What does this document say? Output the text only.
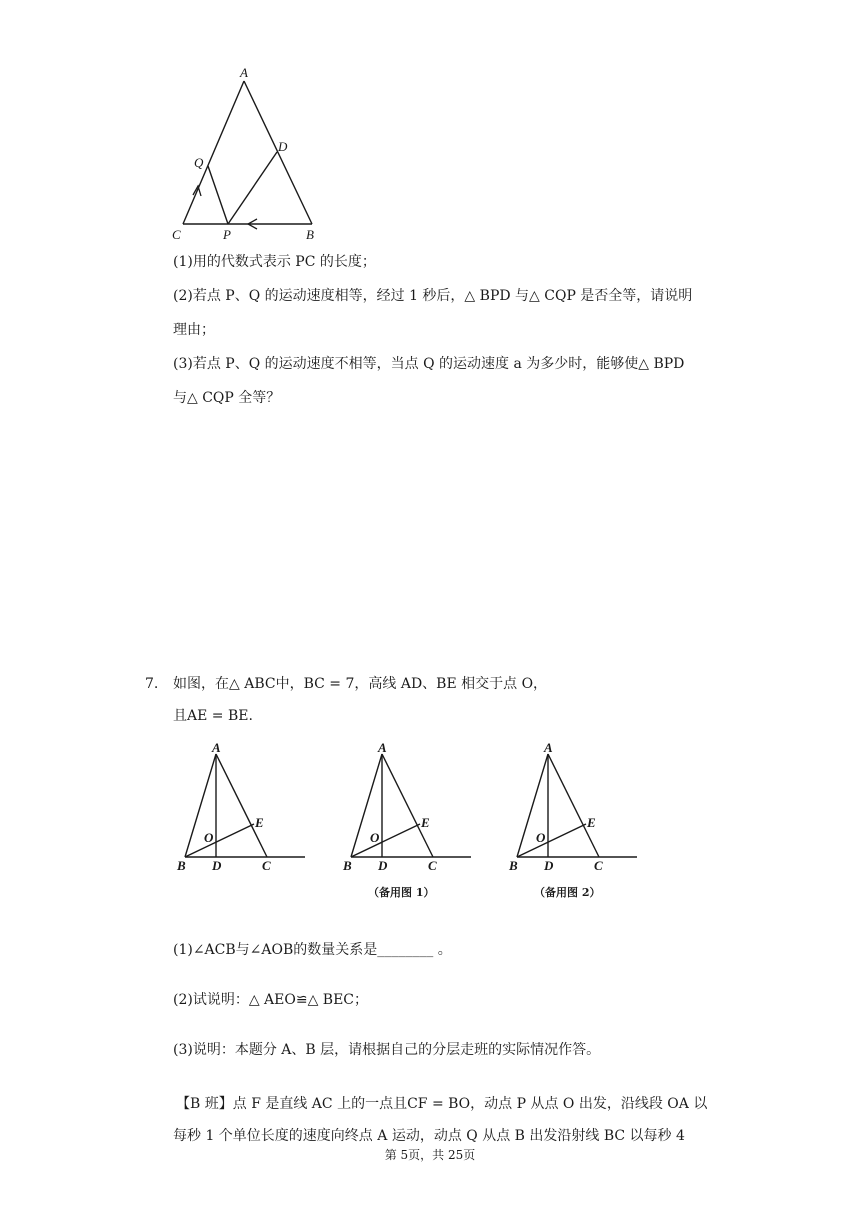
A
Q
D
C	P	B
(1)用的代数式表示 PC 的长度；
(2)若点 P、Q 的运动速度相等，经过 1 秒后，△ BPD 与△ CQP 是否全等，请说明
理由；
(3)若点 P、Q 的运动速度不相等，当点 Q 的运动速度 a 为多少时，能够使△ BPD
与△ CQP 全等？
7. 如图，在△ ABC中，BC = 7，高线 AD、BE 相交于点 O，
且AE = BE.
A
E
O
B D	C
A
E
O
B D	C
（备用图 1）
A
E
O
B D	C
（备用图 2）
(1)∠ACB与∠AOB的数量关系是________ 。
(2)试说明：△ AEO≌△ BEC；
(3)说明：本题分 A、B 层，请根据自己的分层走班的实际情况作答。
【B 班】点 F 是直线 AC 上的一点且CF = BO，动点 P 从点 O 出发，沿线段 OA 以
每秒 1 个单位长度的速度向终点 A 运动，动点 Q 从点 B 出发沿射线 BC 以每秒 4
第 5页，共 25页
